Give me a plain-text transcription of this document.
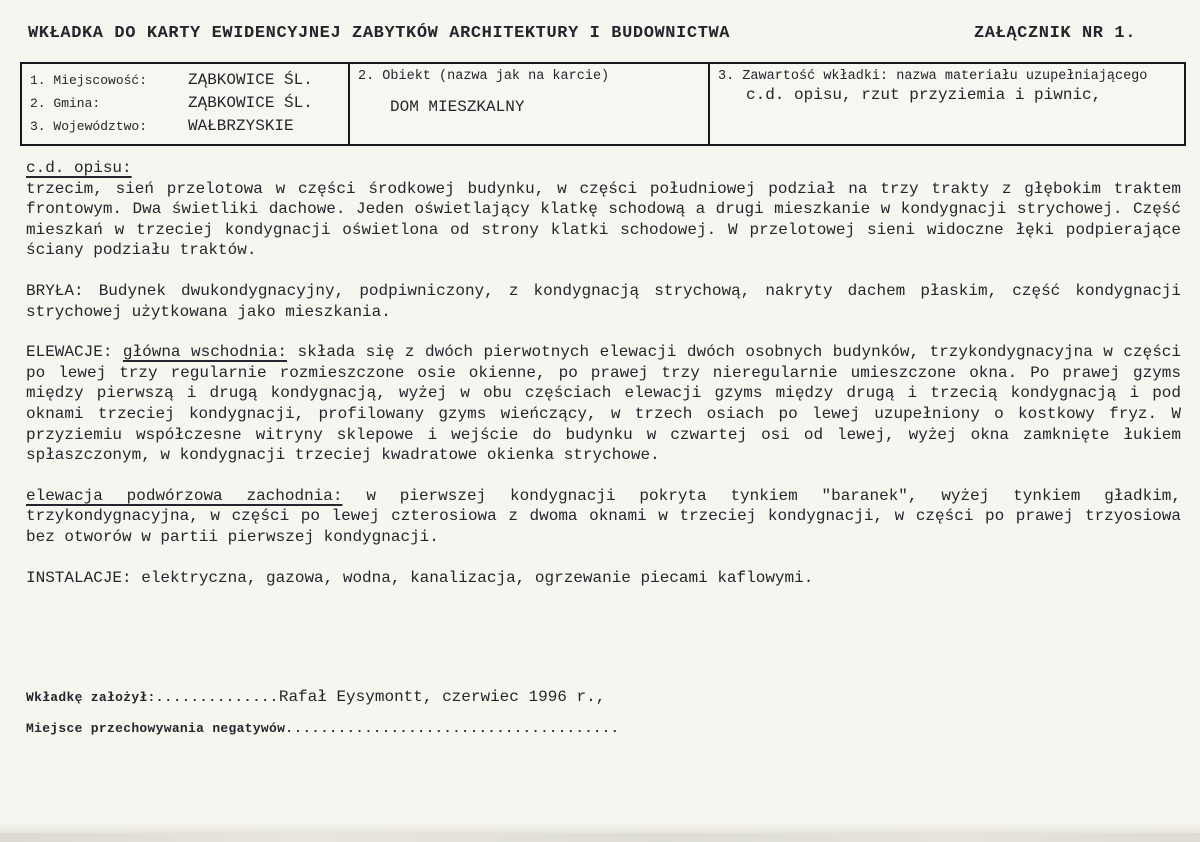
WKŁADKA DO KARTY EWIDENCYJNEJ ZABYTKÓW ARCHITEKTURY I BUDOWNICTWA	ZAŁĄCZNIK NR 1.
1. Miejscowość:	ZĄBKOWICE ŚL.
2. Gmina:	ZĄBKOWICE ŚL.
3. Województwo:	WAŁBRZYSKIE
2. Obiekt (nazwa jak na karcie)
DOM MIESZKALNY
3. Zawartość wkładki: nazwa materiału uzupełniającego
c.d. opisu, rzut przyziemia i piwnic,
c.d. opisu:

trzecim, sień przelotowa w części środkowej budynku, w części południowej podział na trzy trakty z głębokim traktem frontowym. Dwa świetliki dachowe. Jeden oświetlający klatkę schodową a drugi mieszkanie w kondygnacji strychowej. Część mieszkań w trzeciej kondygnacji oświetlona od strony klatki schodowej. W przelotowej sieni widoczne łęki podpierające ściany podziału traktów.

BRYŁA: Budynek dwukondygnacyjny, podpiwniczony, z kondygnacją strychową, nakryty dachem płaskim, część kondygnacji strychowej użytkowana jako mieszkania.

ELEWACJE: główna wschodnia: składa się z dwóch pierwotnych elewacji dwóch osobnych budynków, trzykondygnacyjna w części po lewej trzy regularnie rozmieszczone osie okienne, po prawej trzy nieregularnie umieszczone okna. Po prawej gzyms między pierwszą i drugą kondygnacją, wyżej w obu częściach elewacji gzyms między drugą i trzecią kondygnacją i pod oknami trzeciej kondygnacji, profilowany gzyms wieńczący, w trzech osiach po lewej uzupełniony o kostkowy fryz. W przyziemiu współczesne witryny sklepowe i wejście do budynku w czwartej osi od lewej, wyżej okna zamknięte łukiem spłaszczonym, w kondygnacji trzeciej kwadratowe okienka strychowe.

elewacja podwórzowa zachodnia: w pierwszej kondygnacji pokryta tynkiem "baranek", wyżej tynkiem gładkim, trzykondygnacyjna, w części po lewej czterosiowa z dwoma oknami w trzeciej kondygnacji, w części po prawej trzyosiowa bez otworów w partii pierwszej kondygnacji.

INSTALACJE: elektryczna, gazowa, wodna, kanalizacja, ogrzewanie piecami kaflowymi.

Wkładkę założył:..............Rafał Eysymontt, czerwiec 1996 r.,
Miejsce przechowywania negatywów......................................
